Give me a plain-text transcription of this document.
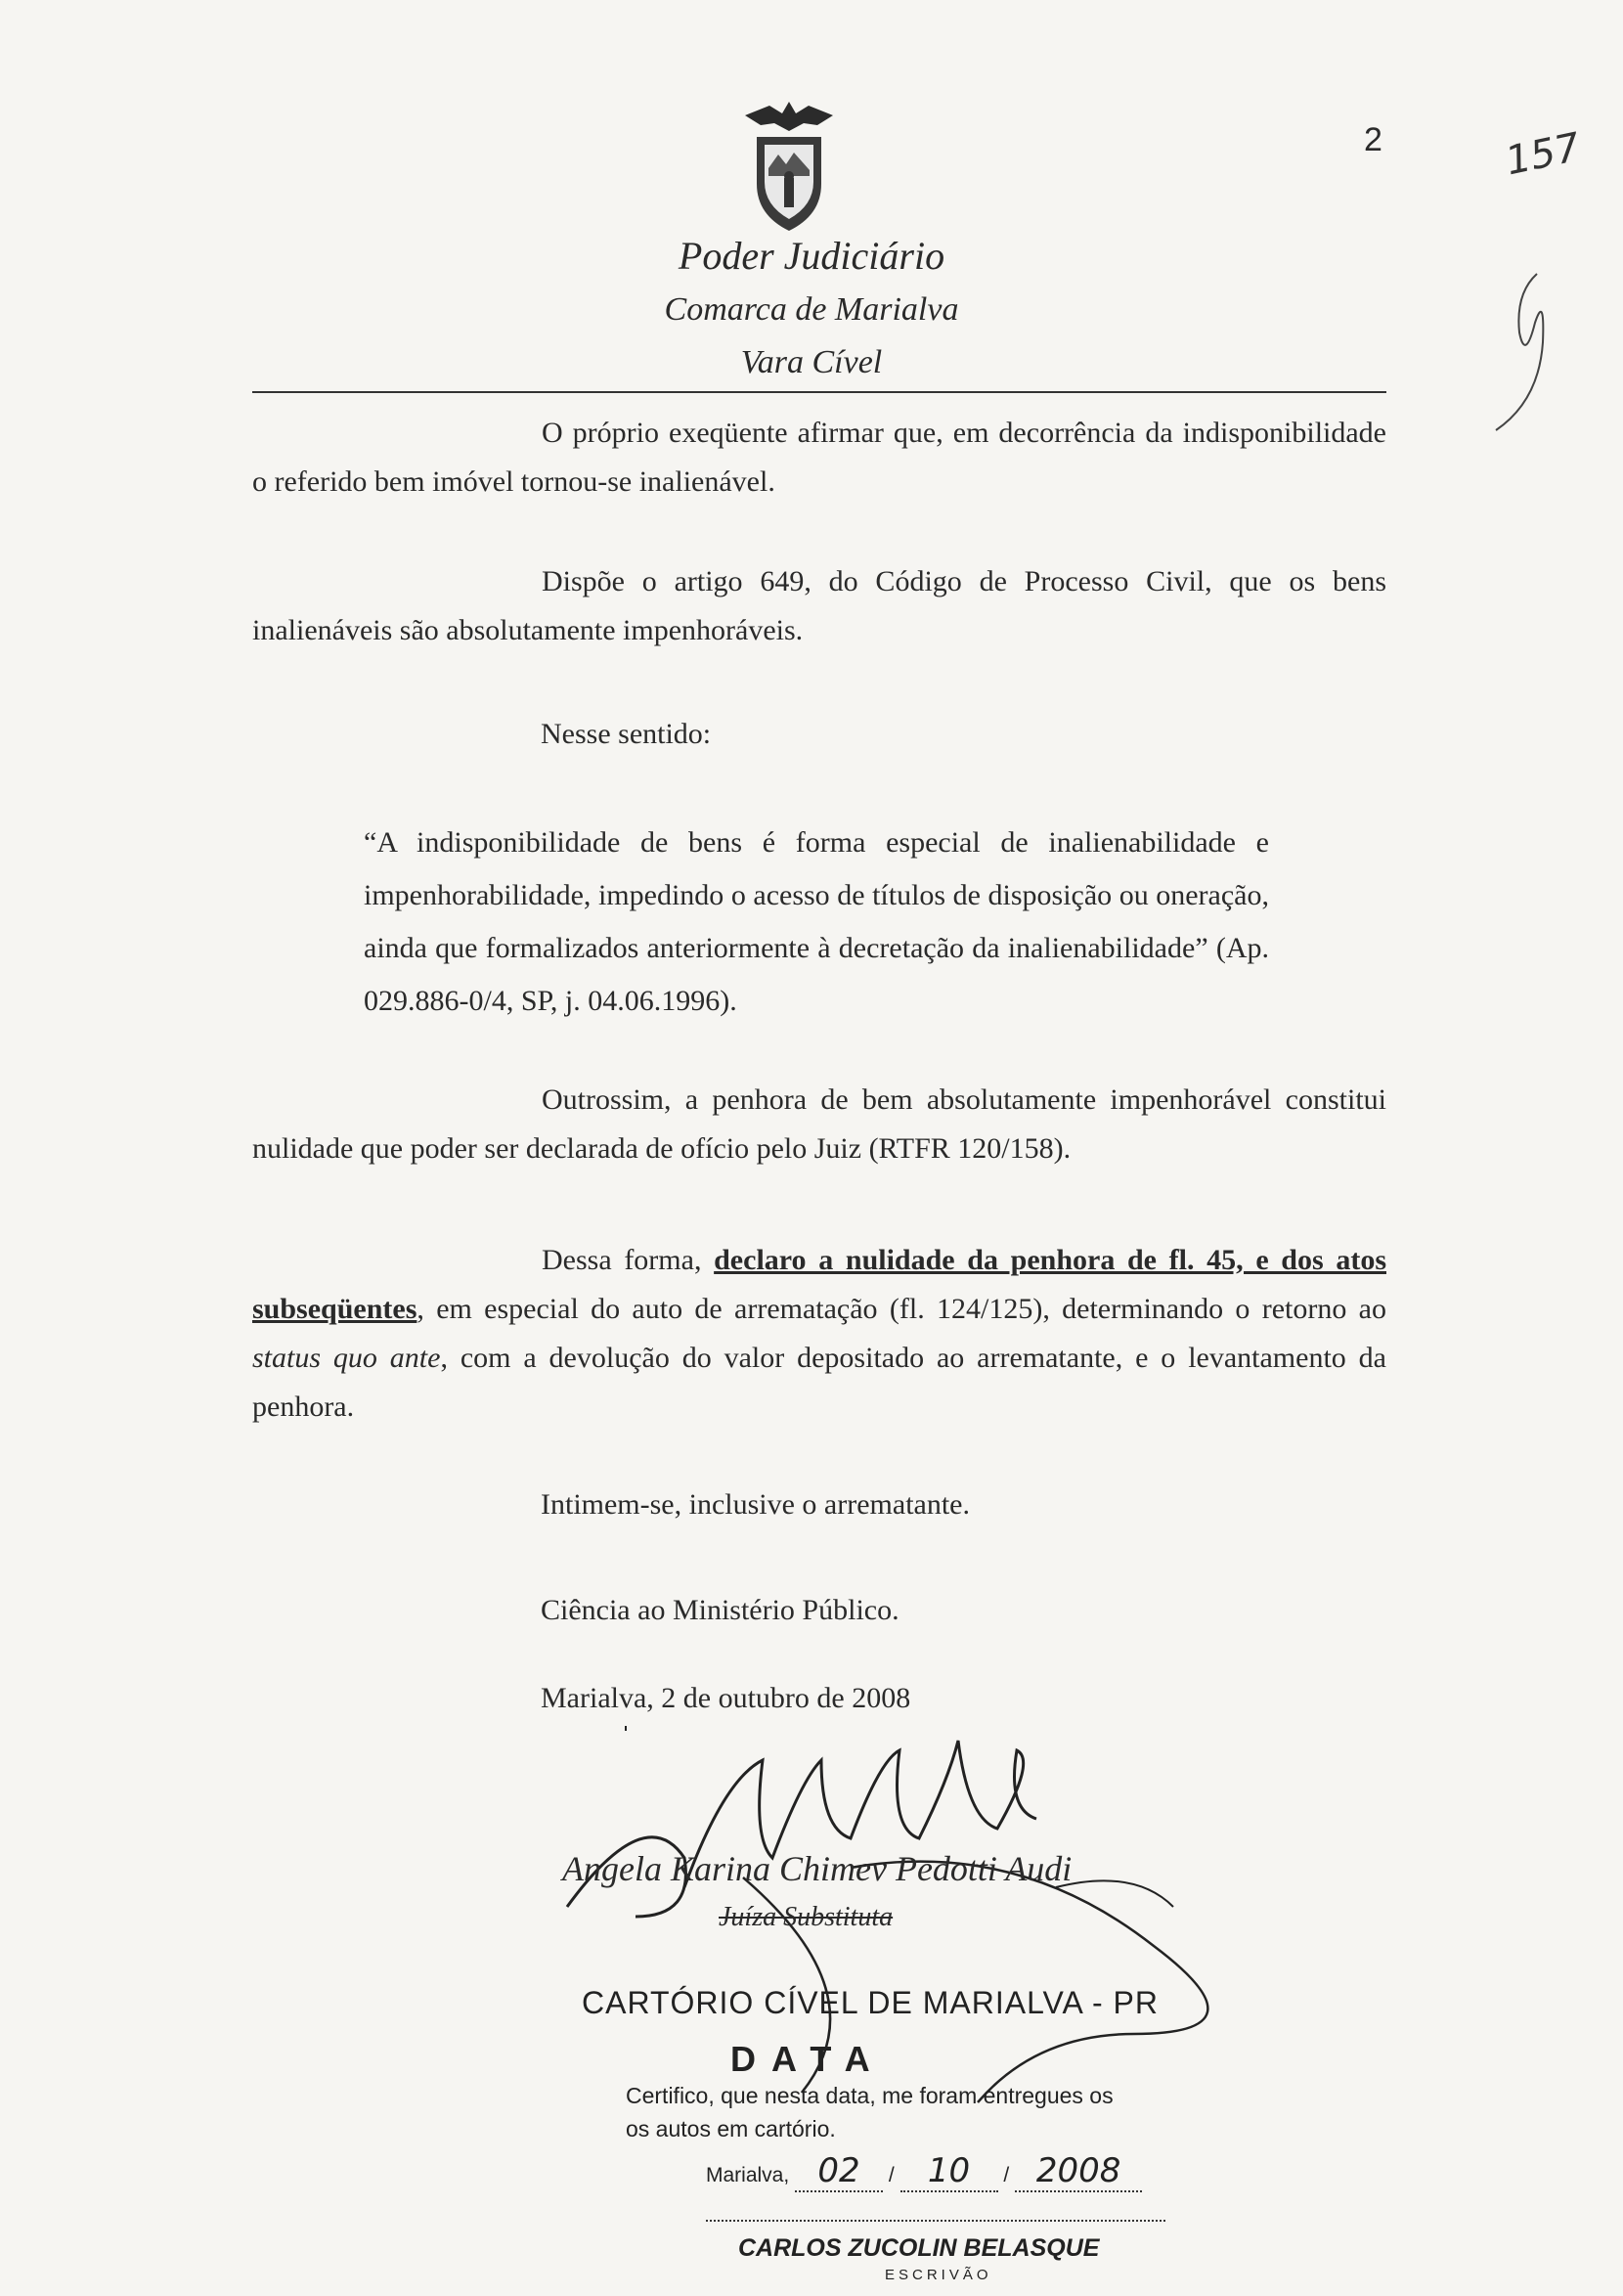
2	157
Poder Judiciário
Comarca de Marialva
Vara Cível
O próprio exeqüente afirmar que, em decorrência da indisponibilidade o referido bem imóvel tornou-se inalienável.
Dispõe o artigo 649, do Código de Processo Civil, que os bens inalienáveis são absolutamente impenhoráveis.
Nesse sentido:
“A indisponibilidade de bens é forma especial de inalienabilidade e impenhorabilidade, impedindo o acesso de títulos de disposição ou oneração, ainda que formalizados anteriormente à decretação da inalienabilidade” (Ap. 029.886-0/4, SP, j. 04.06.1996).
Outrossim, a penhora de bem absolutamente impenhorável constitui nulidade que poder ser declarada de ofício pelo Juiz (RTFR 120/158).
Dessa forma, declaro a nulidade da penhora de fl. 45, e dos atos subseqüentes, em especial do auto de arrematação (fl. 124/125), determinando o retorno ao status quo ante, com a devolução do valor depositado ao arrematante, e o levantamento da penhora.
Intimem-se, inclusive o arrematante.
Ciência ao Ministério Público.
Marialva, 2 de outubro de 2008
Angela Karina Chimev Pedotti Audi
Juíza Substituta
CARTÓRIO CÍVEL DE MARIALVA - PR
DATA
Certifico, que nesta data, me foram entregues os
os autos em cartório.
Marialva, 02 / 10 / 2008
CARLOS ZUCOLIN BELASQUE
ESCRIVÃO
